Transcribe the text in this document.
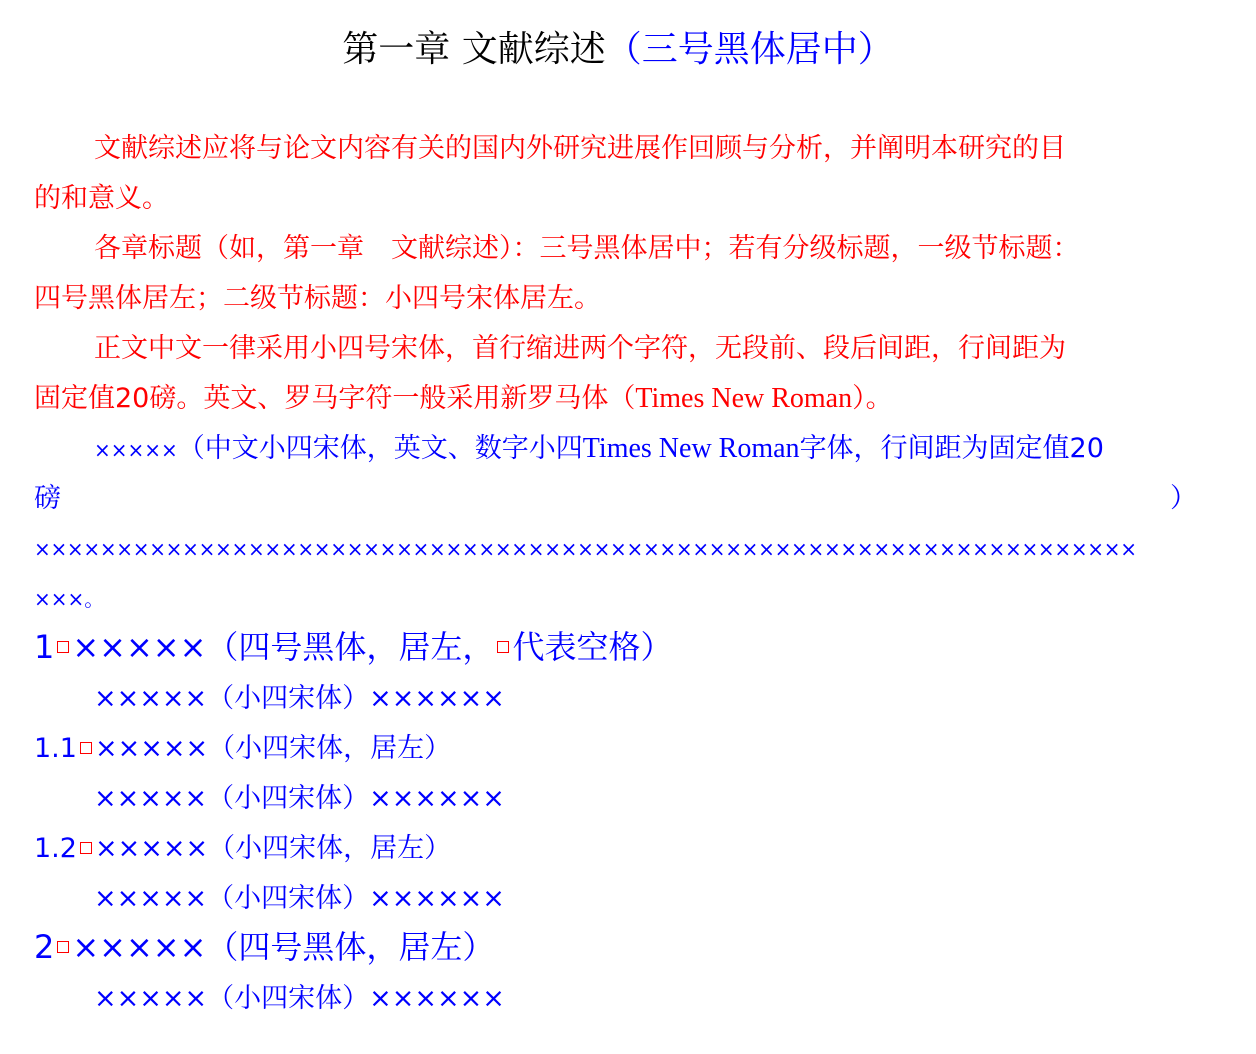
第一章 文献综述（三号黑体居中）
文献综述应将与论文内容有关的国内外研究进展作回顾与分析，并阐明本研究的目
的和意义。
各章标题（如，第一章　文献综述）：三号黑体居中；若有分级标题，一级节标题：
四号黑体居左；二级节标题：小四号宋体居左。
正文中文一律采用小四号宋体，首行缩进两个字符，无段前、段后间距，行间距为
固定值20磅。英文、罗马字符一般采用新罗马体（Times New Roman）。
×××××（中文小四宋体，英文、数字小四Times New Roman字体，行间距为固定值20
磅	）
×××××××××××××××××××××××××××××××××××××××××××××××××××××××××××××××××××
×××。
1 ×××××（四号黑体，居左， 代表空格）
×××××（小四宋体）××××××
1.1 ×××××（小四宋体，居左）
×××××（小四宋体）××××××
1.2 ×××××（小四宋体，居左）
×××××（小四宋体）××××××
2 ×××××（四号黑体，居左）
×××××（小四宋体）××××××
